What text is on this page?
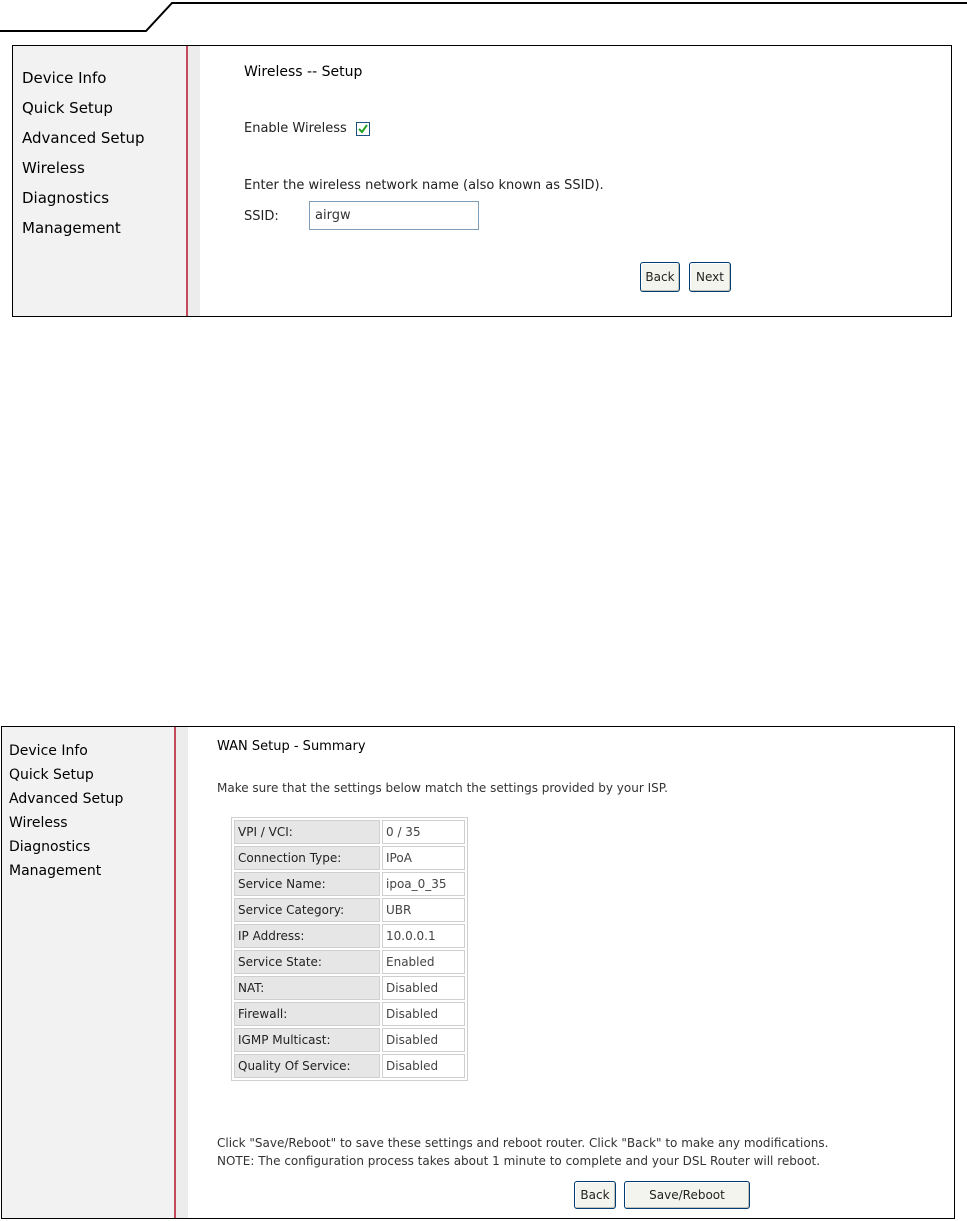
Device Info
Quick Setup
Advanced Setup
Wireless
Diagnostics
Management
Wireless -- Setup
Enable Wireless
Enter the wireless network name (also known as SSID).
SSID:
airgw
Back	Next
Device Info
Quick Setup
Advanced Setup
Wireless
Diagnostics
Management
WAN Setup - Summary
Make sure that the settings below match the settings provided by your ISP.
VPI / VCI:	0 / 35
Connection Type:	IPoA
Service Name:	ipoa_0_35
Service Category:	UBR
IP Address:	10.0.0.1
Service State:	Enabled
NAT:	Disabled
Firewall:	Disabled
IGMP Multicast:	Disabled
Quality Of Service:	Disabled
Click "Save/Reboot" to save these settings and reboot router. Click "Back" to make any modifications.
NOTE: The configuration process takes about 1 minute to complete and your DSL Router will reboot.
Back	Save/Reboot
